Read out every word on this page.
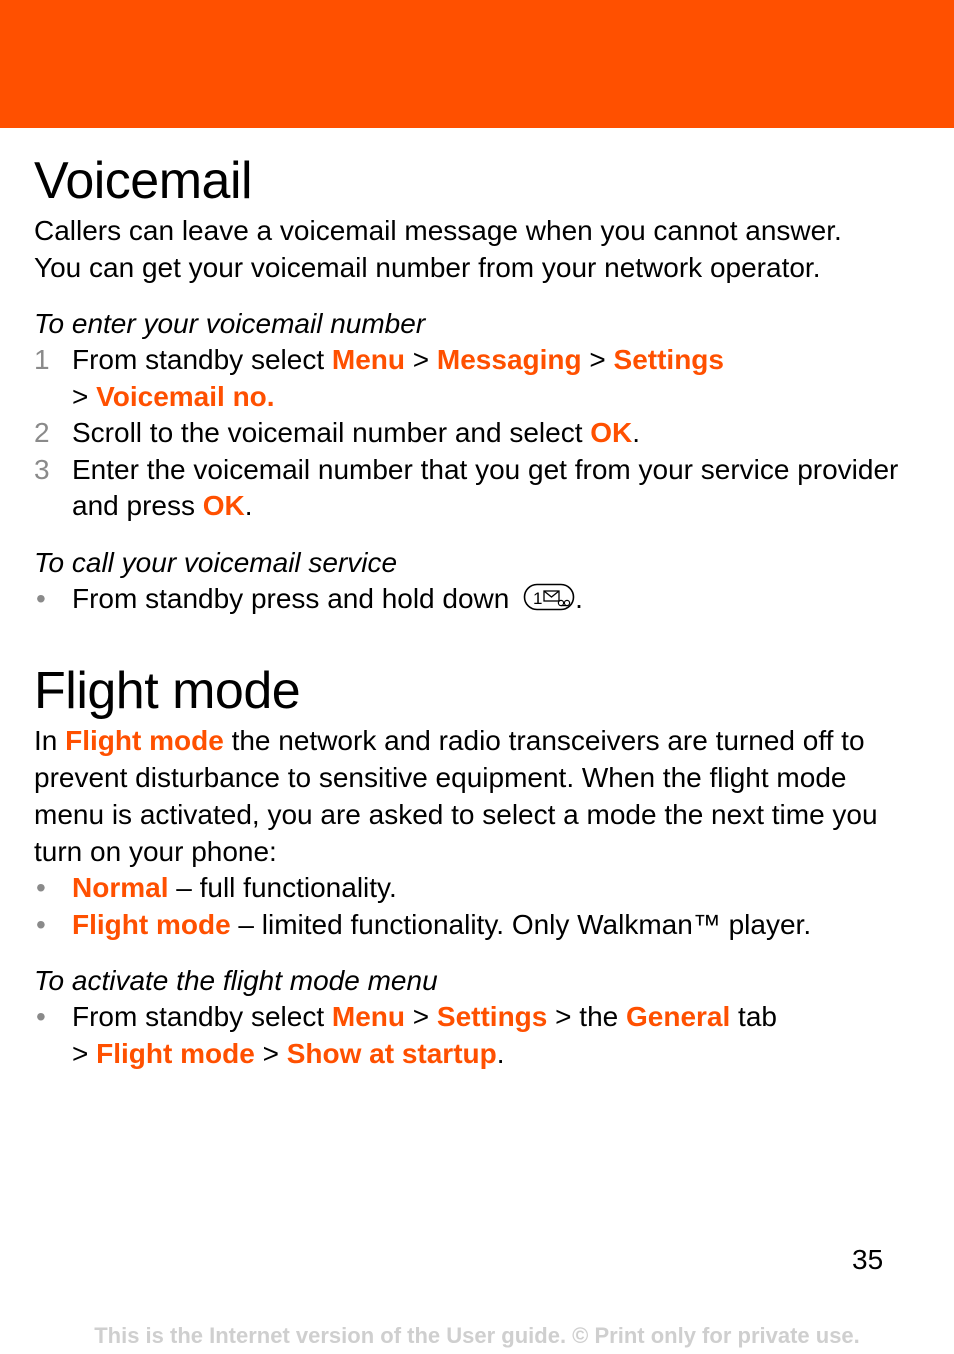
Voicemail

Callers can leave a voicemail message when you cannot answer.
You can get your voicemail number from your network operator.

To enter your voicemail number
1 From standby select Menu > Messaging > Settings
> Voicemail no.
2 Scroll to the voicemail number and select OK.
3 Enter the voicemail number that you get from your service provider and press OK.
To call your voicemail service
• From standby press and hold down 1 .
Flight mode

In Flight mode the network and radio transceivers are turned off to prevent disturbance to sensitive equipment. When the flight mode menu is activated, you are asked to select a mode the next time you turn on your phone:

• Normal – full functionality.
• Flight mode – limited functionality. Only Walkman™ player.
To activate the flight mode menu
• From standby select Menu > Settings > the General tab
> Flight mode > Show at startup.
35
This is the Internet version of the User guide. © Print only for private use.
